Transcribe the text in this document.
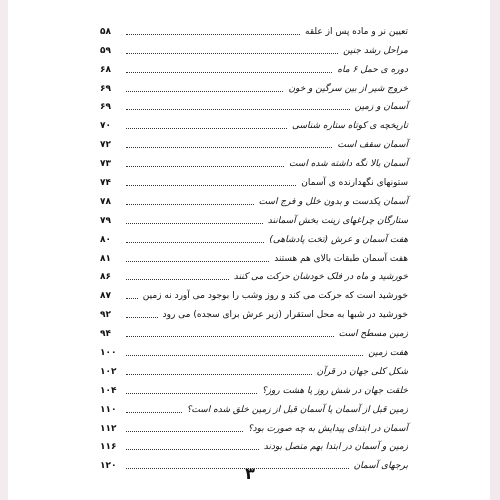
تعیین نر و ماده پس از علقه
۵۸
مراحل رشد جنین
۵۹
دوره ی حمل ۶ ماه
۶۸
خروج شیر از بین سرگین و خون
۶۹
آسمان و زمین
۶۹
تاریخچه ی کوتاه ستاره شناسی
۷۰
آسمان سقف است
۷۲
آسمان بالا نگه داشته شده است
۷۳
ستونهای نگهدارنده ی آسمان
۷۴
آسمان یکدست و بدون خلل و فرج است
۷۸
ستارگان چراغهای زینت بخش آسمانند
۷۹
هفت آسمان و عرش (تخت پادشاهی)
۸۰
هفت آسمان طبقات بالای هم هستند
۸۱
خورشید و ماه در فلک خودشان حرکت می کنند
۸۶
خورشید است که حرکت می کند و روز وشب را بوجود می آورد نه زمین
۸۷
خورشید در شبها به محل استقرار (زیر عرش برای سجده) می رود
۹۲
زمین مسطح است
۹۴
هفت زمین
۱۰۰
شکل کلی جهان در قرآن
۱۰۲
خلقت جهان در شش روز یا هشت روز؟
۱۰۴
زمین قبل از آسمان یا آسمان قبل از زمین خلق شده است؟
۱۱۰
آسمان در ابتدای پیدایش به چه صورت بود؟
۱۱۲
زمین و آسمان در ابتدا بهم متصل بودند
۱۱۶
برجهای آسمان
۱۲۰	۳
